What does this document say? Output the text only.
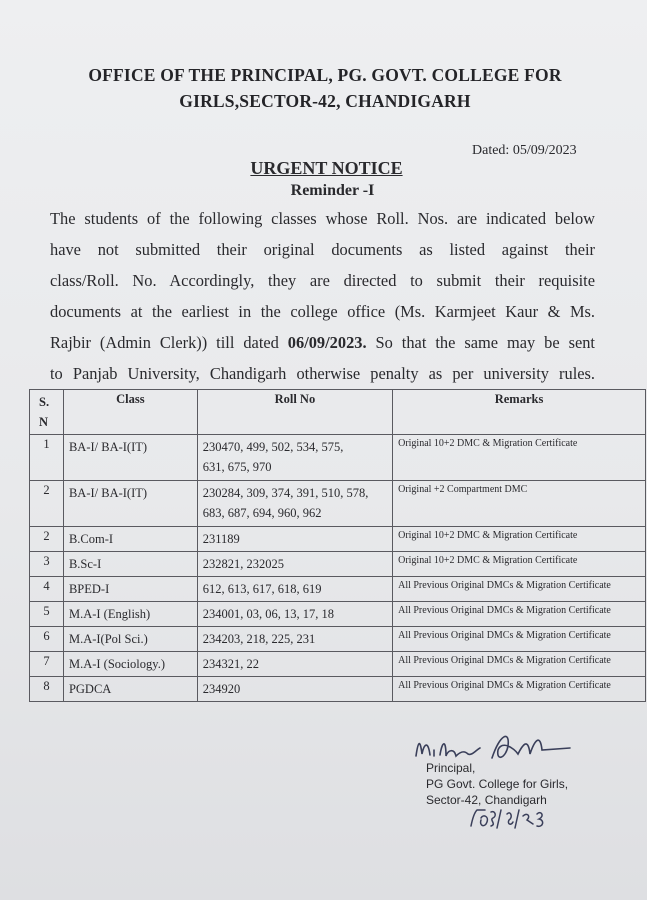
OFFICE OF THE PRINCIPAL, PG. GOVT. COLLEGE FOR
GIRLS,SECTOR-42, CHANDIGARH
Dated: 05/09/2023
URGENT NOTICE
Reminder -I
The students of the following classes whose Roll. Nos. are indicated below
have not submitted their original documents as listed against their
class/Roll. No. Accordingly, they are directed to submit their requisite
documents at the earliest in the college office (Ms. Karmjeet Kaur & Ms.
Rajbir (Admin Clerk)) till dated 06/09/2023. So that the same may be sent
to Panjab University, Chandigarh otherwise penalty as per university rules.
S.
N	Class	Roll No	Remarks
1	BA-I/ BA-I(IT)	230470, 499, 502, 534, 575,
631, 675, 970	Original 10+2 DMC & Migration Certificate
2	BA-I/ BA-I(IT)	230284, 309, 374, 391, 510, 578,
683, 687, 694, 960, 962	Original +2 Compartment DMC
2	B.Com-I	231189	Original 10+2 DMC & Migration Certificate
3	B.Sc-I	232821, 232025	Original 10+2 DMC & Migration Certificate
4	BPED-I	612, 613, 617, 618, 619	All Previous Original DMCs & Migration Certificate
5	M.A-I (English)	234001, 03, 06, 13, 17, 18	All Previous Original DMCs & Migration Certificate
6	M.A-I(Pol Sci.)	234203, 218, 225, 231	All Previous Original DMCs & Migration Certificate
7	M.A-I (Sociology.)	234321, 22	All Previous Original DMCs & Migration Certificate
8	PGDCA	234920	All Previous Original DMCs & Migration Certificate
Principal,
PG Govt. College for Girls,
Sector-42, Chandigarh
